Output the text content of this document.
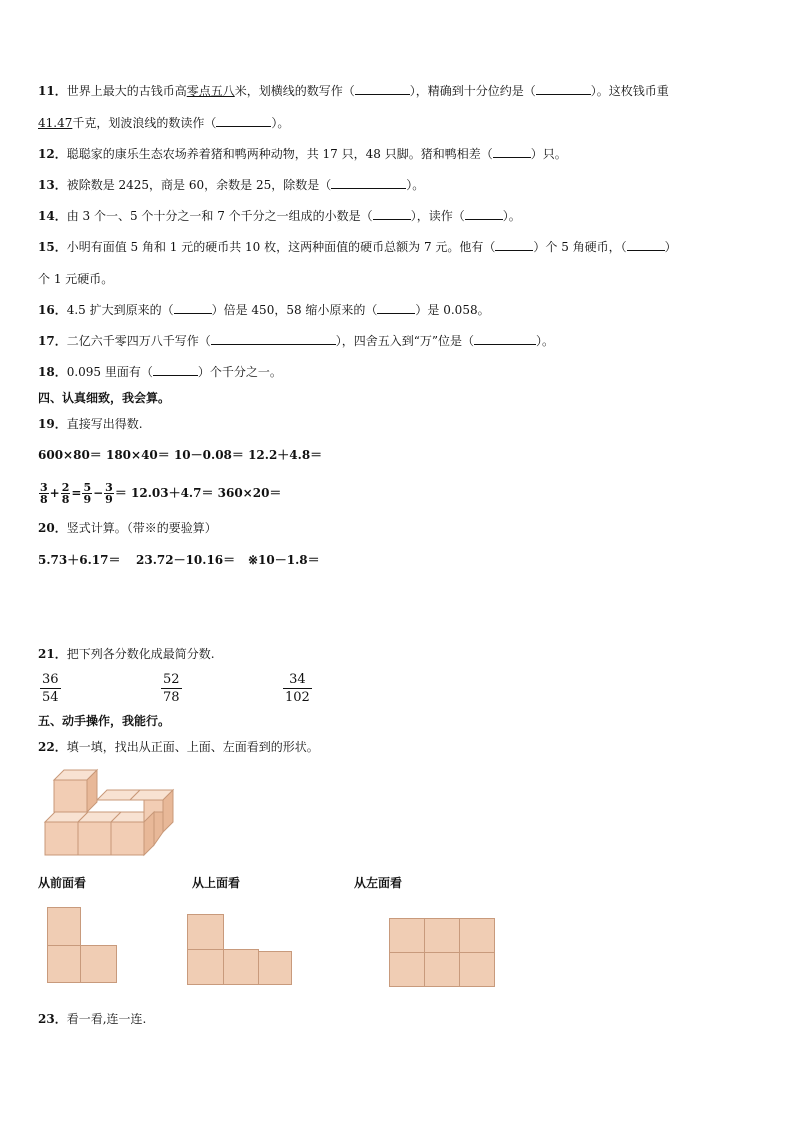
11．世界上最大的古钱币高零点五八米，划横线的数写作（	），精确到十分位约是（	）。这枚钱币重
41.47千克，划波浪线的数读作（	）。
12．聪聪家的康乐生态农场养着猪和鸭两种动物，共 17 只，48 只脚。猪和鸭相差（	）只。
13．被除数是 2425，商是 60，余数是 25，除数是（	）。
14．由 3 个一、5 个十分之一和 7 个千分之一组成的小数是（	），读作（	）。
15．小明有面值 5 角和 1 元的硬币共 10 枚，这两种面值的硬币总额为 7 元。他有（	）个 5 角硬币，（	）
个 1 元硬币。
16．4.5 扩大到原来的（	）倍是 450，58 缩小原来的（	）是 0.058。
17．二亿六千零四万八千写作（	），四舍五入到“万”位是（	）。
18．0.095 里面有（	）个千分之一。
四、认真细致，我会算。
19．直接写出得数.
600×80＝ 180×40＝ 10－0.08＝ 12.2＋4.8＝
$\frac{3}{8} + \frac{2}{8} = \frac{5}{9} - \frac{3}{9} = 12.03+4.7= 360\times 20=$
20．竖式计算。（带※的要验算）
5.73＋6.17＝ 23.72－10.16＝ ※10－1.8＝
21．把下列各分数化成最简分数.
36
54
52
78
34
102
五、动手操作，我能行。
22．填一填，找出从正面、上面、左面看到的形状。
从前面看	从上面看	从左面看
23．看一看,连一连.
